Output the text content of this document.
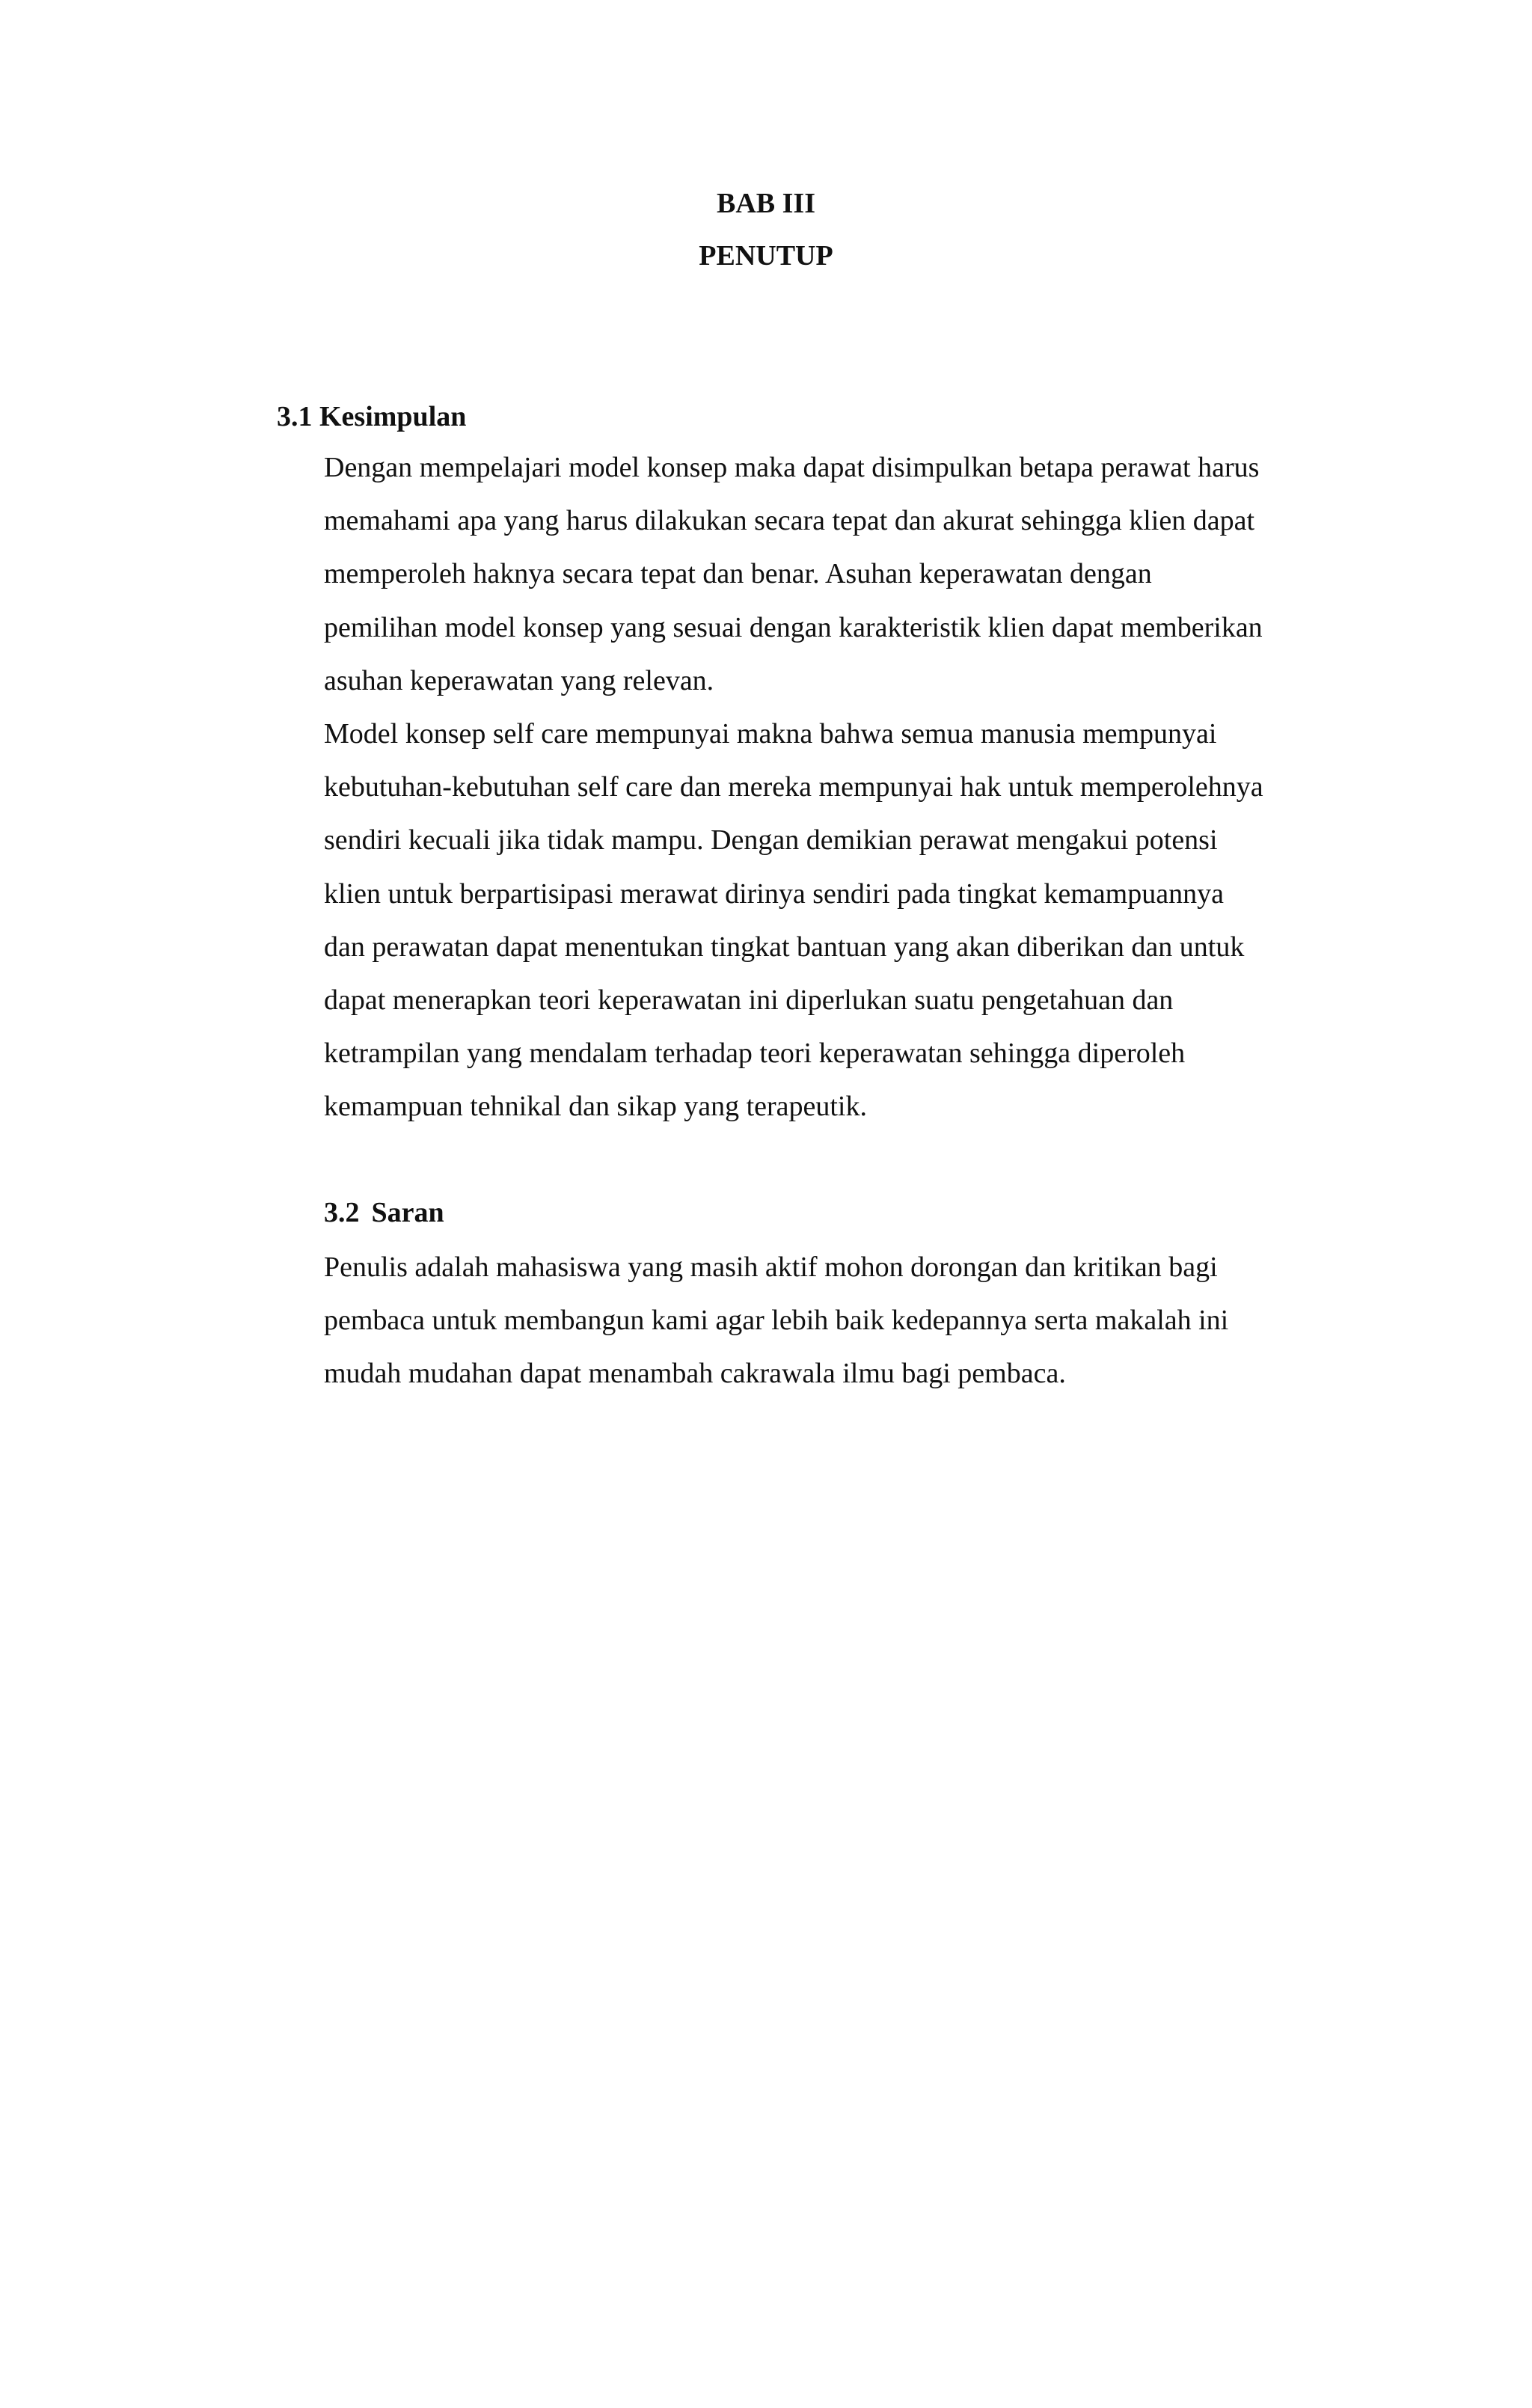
BAB III
PENUTUP
3.1 Kesimpulan
Dengan mempelajari model konsep maka dapat disimpulkan betapa perawat harus
memahami apa yang harus dilakukan secara tepat dan akurat sehingga klien dapat
memperoleh haknya secara tepat dan benar. Asuhan keperawatan dengan
pemilihan model konsep yang sesuai dengan karakteristik klien dapat memberikan
asuhan keperawatan yang relevan.
Model konsep self care mempunyai makna bahwa semua manusia mempunyai
kebutuhan-kebutuhan self care dan mereka mempunyai hak untuk memperolehnya
sendiri kecuali jika tidak mampu. Dengan demikian perawat mengakui potensi
klien untuk berpartisipasi merawat dirinya sendiri pada tingkat kemampuannya
dan perawatan dapat menentukan tingkat bantuan yang akan diberikan dan untuk
dapat menerapkan teori keperawatan ini diperlukan suatu pengetahuan dan
ketrampilan yang mendalam terhadap teori keperawatan sehingga diperoleh
kemampuan tehnikal dan sikap yang terapeutik.
3.2 Saran
Penulis adalah mahasiswa yang masih aktif mohon dorongan dan kritikan bagi
pembaca untuk membangun kami agar lebih baik kedepannya serta makalah ini
mudah mudahan dapat menambah cakrawala ilmu bagi pembaca.
